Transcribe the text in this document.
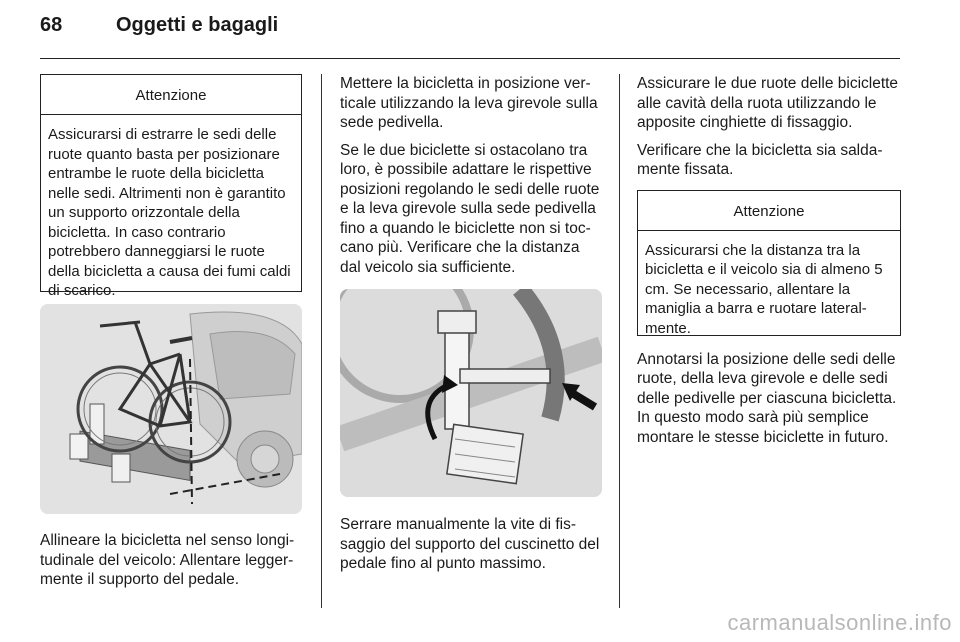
68	Oggetti e bagagli
Attenzione
Assicurarsi di estrarre le sedi delle ruote quanto basta per posizionare entrambe le ruote della bicicletta nelle sedi. Altrimenti non è garantito un supporto orizzontale della bicicletta. In caso contrario potrebbero danneggiarsi le ruote della bicicletta a causa dei fumi caldi di scarico.

Allineare la bicicletta nel senso longitudinale del veicolo: Allentare leggermente il supporto del pedale.

Mettere la bicicletta in posizione verticale utilizzando la leva girevole sulla sede pedivella.

Se le due biciclette si ostacolano tra loro, è possibile adattare le rispettive posizioni regolando le sedi delle ruote e la leva girevole sulla sede pedivella fino a quando le biciclette non si toccano più. Verificare che la distanza dal veicolo sia sufficiente.

Serrare manualmente la vite di fissaggio del supporto del cuscinetto del pedale fino al punto massimo.

Assicurare le due ruote delle biciclette alle cavità della ruota utilizzando le apposite cinghiette di fissaggio.

Verificare che la bicicletta sia saldamente fissata.

Attenzione
Assicurarsi che la distanza tra la bicicletta e il veicolo sia di almeno 5 cm. Se necessario, allentare la maniglia a barra e ruotare lateralmente.

Annotarsi la posizione delle sedi delle ruote, della leva girevole e delle sedi delle pedivelle per ciascuna bicicletta. In questo modo sarà più semplice montare le stesse biciclette in futuro.

carmanualsonline.info
